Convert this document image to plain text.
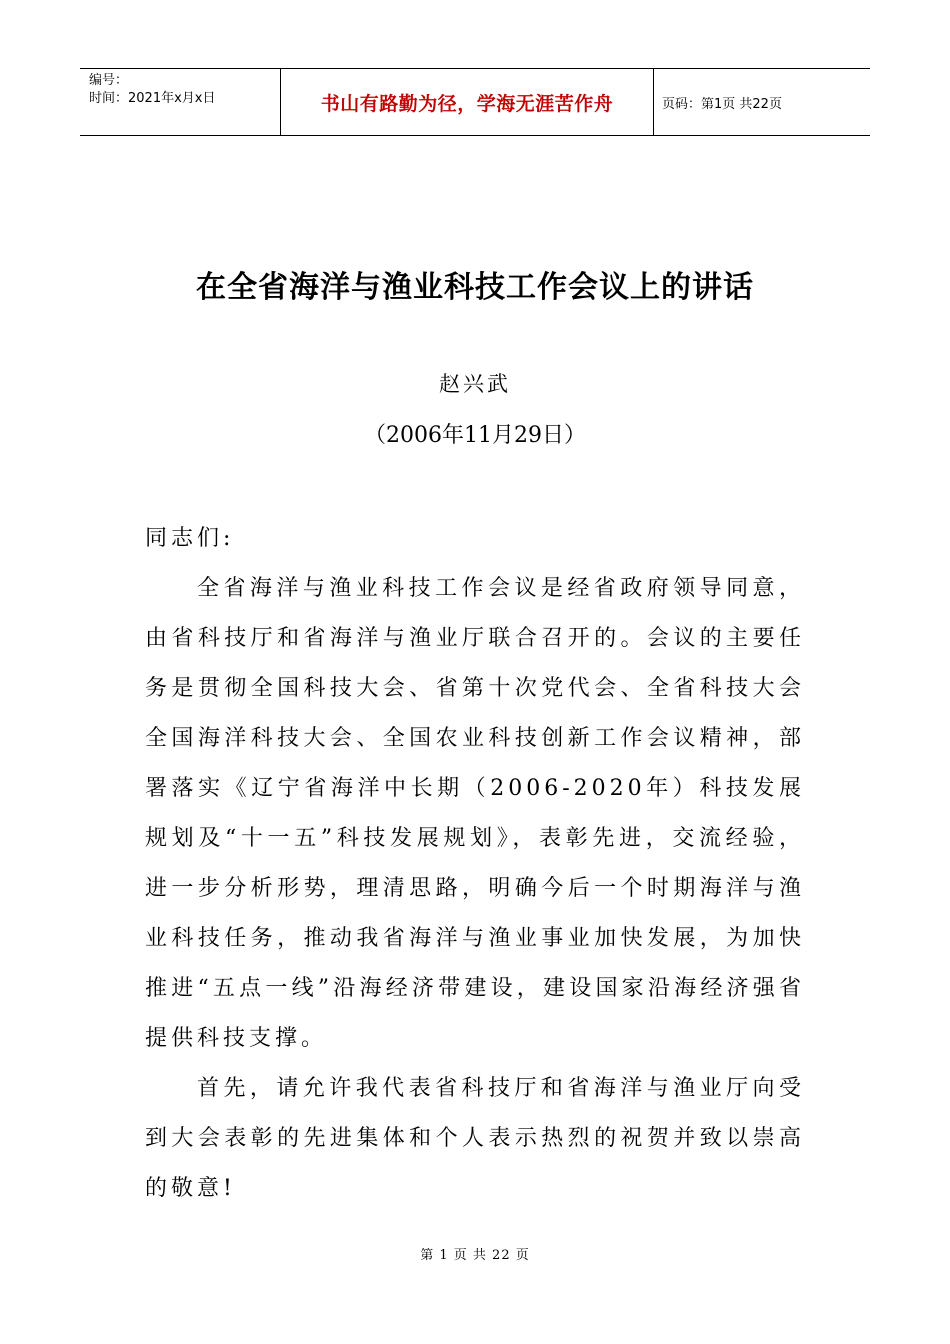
编号：
时间：2021年x月x日	书山有路勤为径，学海无涯苦作舟	页码：第1页 共22页
在全省海洋与渔业科技工作会议上的讲话
赵兴武
（2006年11月29日）

同志们:

全省海洋与渔业科技工作会议是经省政府领导同意，由省科技厅和省海洋与渔业厅联合召开的。会议的主要任务是贯彻全国科技大会、省第十次党代会、全省科技大会全国海洋科技大会、全国农业科技创新工作会议精神，部署落实《辽宁省海洋中长期（2006-2020年）科技发展规划及“十一五”科技发展规划》，表彰先进，交流经验，进一步分析形势，理清思路，明确今后一个时期海洋与渔业科技任务，推动我省海洋与渔业事业加快发展，为加快推进“五点一线”沿海经济带建设，建设国家沿海经济强省提供科技支撑。

首先，请允许我代表省科技厅和省海洋与渔业厅向受到大会表彰的先进集体和个人表示热烈的祝贺并致以崇高的敬意!

第 1 页 共 22 页
